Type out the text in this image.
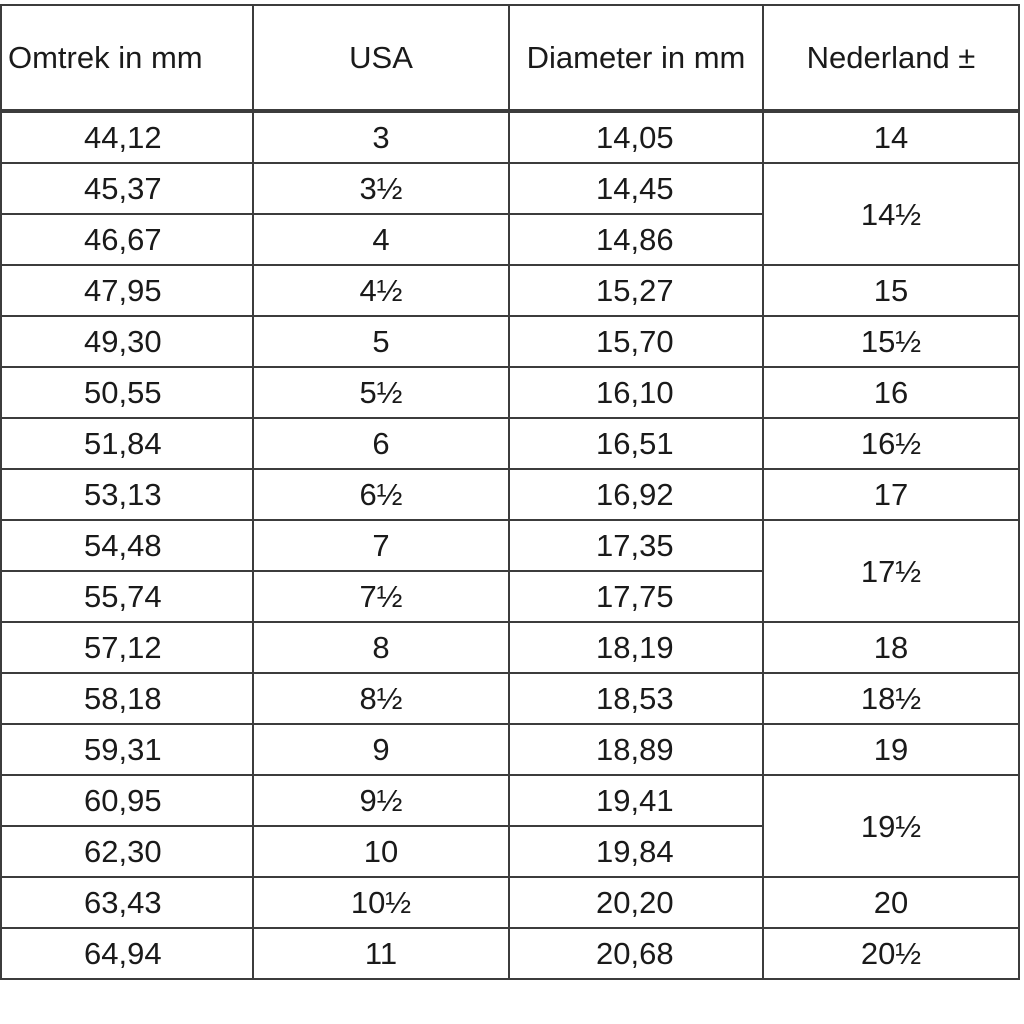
Omtrek in mm	USA	Diameter in mm	Nederland ±
44,12	3	14,05	14
45,37	3½	14,45	14½
46,67	4	14,86	
47,95	4½	15,27	15
49,30	5	15,70	15½
50,55	5½	16,10	16
51,84	6	16,51	16½
53,13	6½	16,92	17
54,48	7	17,35	17½
55,74	7½	17,75	
57,12	8	18,19	18
58,18	8½	18,53	18½
59,31	9	18,89	19
60,95	9½	19,41	19½
62,30	10	19,84	
63,43	10½	20,20	20
64,94	11	20,68	20½
